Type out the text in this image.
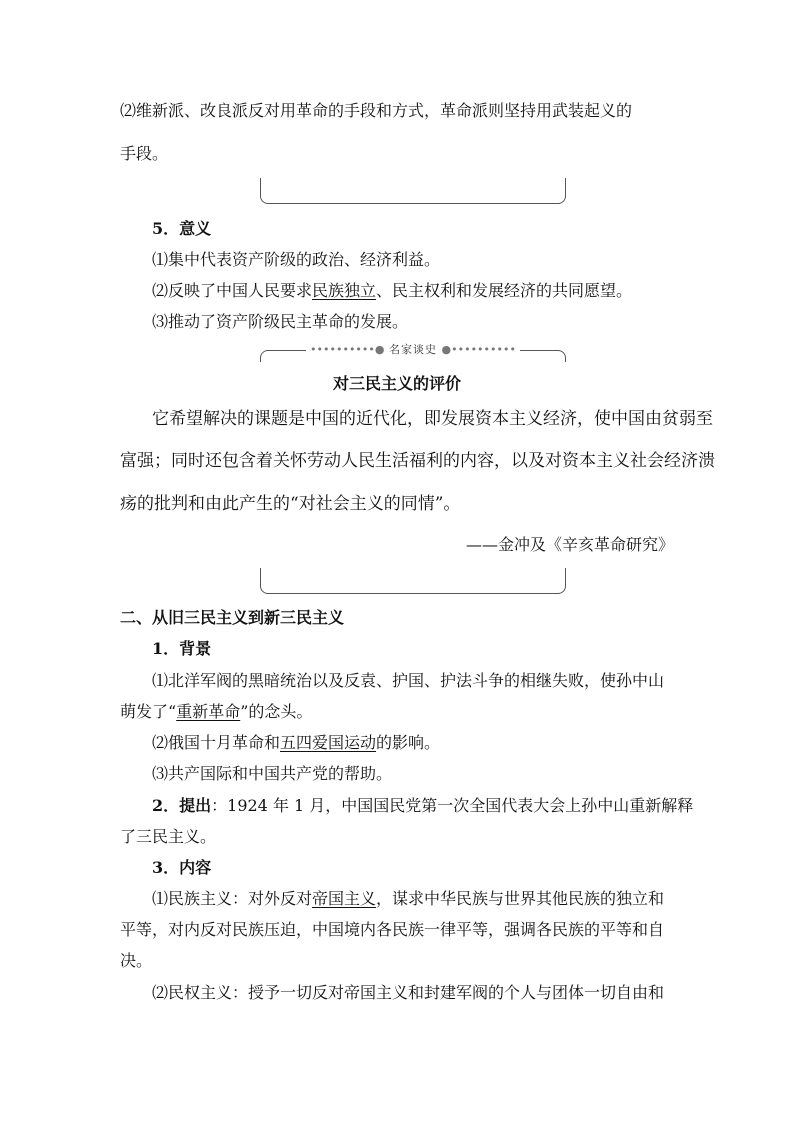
⑵维新派、改良派反对用革命的手段和方式，革命派则坚持用武装起义的
手段。
5．意义
⑴集中代表资产阶级的政治、经济利益。
⑵反映了中国人民要求民族独立、民主权利和发展经济的共同愿望。
⑶推动了资产阶级民主革命的发展。
••••••••••● 名家谈史 ●••••••••••
对三民主义的评价
它希望解决的课题是中国的近代化，即发展资本主义经济，使中国由贫弱至
富强；同时还包含着关怀劳动人民生活福利的内容，以及对资本主义社会经济溃
疡的批判和由此产生的“对社会主义的同情”。
——金冲及《辛亥革命研究》
二、从旧三民主义到新三民主义
1．背景
⑴北洋军阀的黑暗统治以及反袁、护国、护法斗争的相继失败，使孙中山
萌发了“重新革命”的念头。
⑵俄国十月革命和五四爱国运动的影响。
⑶共产国际和中国共产党的帮助。
2．提出：1924 年 1 月，中国国民党第一次全国代表大会上孙中山重新解释
了三民主义。
3．内容
⑴民族主义：对外反对帝国主义，谋求中华民族与世界其他民族的独立和
平等，对内反对民族压迫，中国境内各民族一律平等，强调各民族的平等和自
决。
⑵民权主义：授予一切反对帝国主义和封建军阀的个人与团体一切自由和
